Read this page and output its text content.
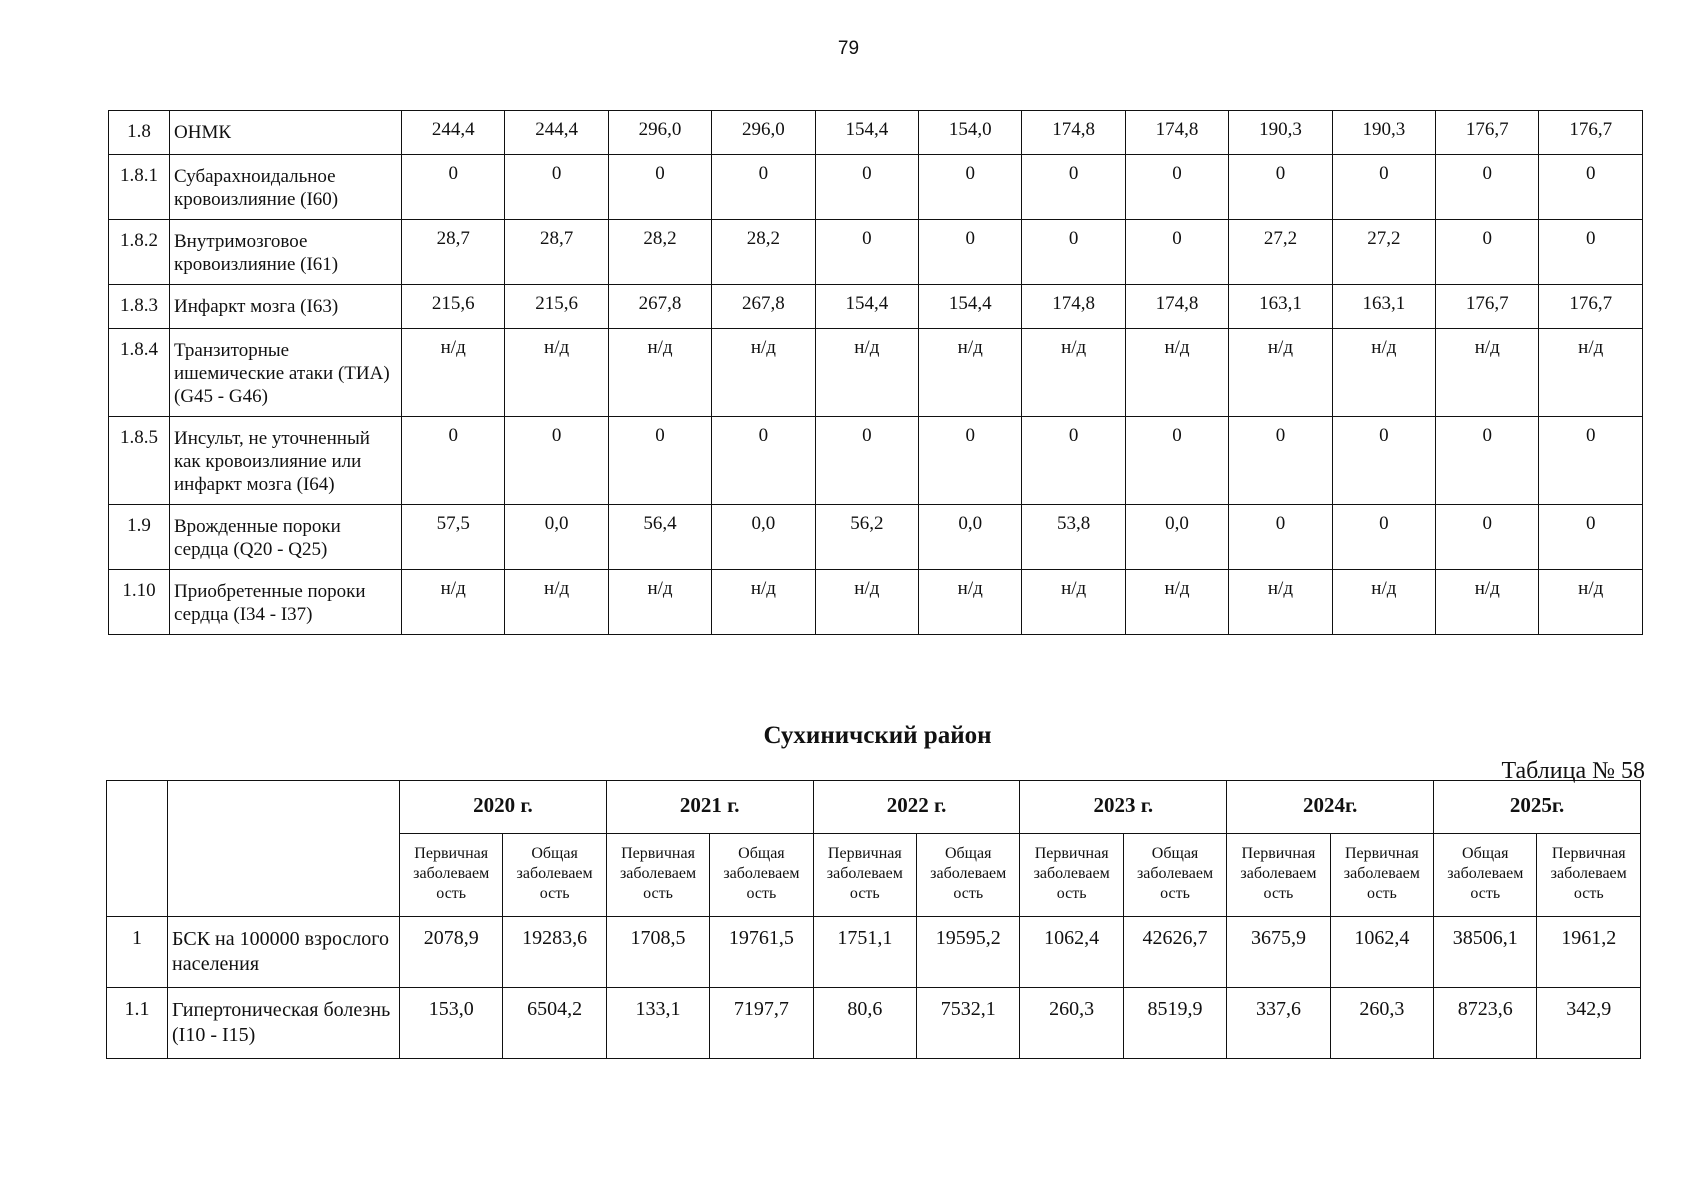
79
1.8	ОНМК	244,4	244,4	296,0	296,0	154,4	154,0	174,8	174,8	190,3	190,3	176,7	176,7
1.8.1	Субарахноидальное кровоизлияние (I60)	0	0	0	0	0	0	0	0	0	0	0	0
1.8.2	Внутримозговое кровоизлияние (I61)	28,7	28,7	28,2	28,2	0	0	0	0	27,2	27,2	0	0
1.8.3	Инфаркт мозга (I63)	215,6	215,6	267,8	267,8	154,4	154,4	174,8	174,8	163,1	163,1	176,7	176,7
1.8.4	Транзиторные ишемические атаки (ТИА) (G45 - G46)	н/д	н/д	н/д	н/д	н/д	н/д	н/д	н/д	н/д	н/д	н/д	н/д
1.8.5	Инсульт, не уточненный как кровоизлияние или инфаркт мозга (I64)	0	0	0	0	0	0	0	0	0	0	0	0
1.9	Врожденные пороки сердца (Q20 - Q25)	57,5	0,0	56,4	0,0	56,2	0,0	53,8	0,0	0	0	0	0
1.10	Приобретенные пороки сердца (I34 - I37)	н/д	н/д	н/д	н/д	н/д	н/д	н/д	н/д	н/д	н/д	н/д	н/д
Сухиничский район
Таблица № 58
		2020 г.		2021 г.		2022 г.		2023 г.		2024г.		2025г.	
		Первичная заболеваем ость	Общая заболеваем ость	Первичная заболеваем ость	Общая заболеваем ость	Первичная заболеваем ость	Общая заболеваем ость	Первичная заболеваем ость	Общая заболеваем ость	Первичная заболеваем ость	Первичная заболеваем ость	Общая заболеваем ость	Первичная заболеваем ость
1	БСК на 100000 взрослого населения	2078,9	19283,6	1708,5	19761,5	1751,1	19595,2	1062,4	42626,7	3675,9	1062,4	38506,1	1961,2
1.1	Гипертоническая болезнь (I10 - I15)	153,0	6504,2	133,1	7197,7	80,6	7532,1	260,3	8519,9	337,6	260,3	8723,6	342,9
